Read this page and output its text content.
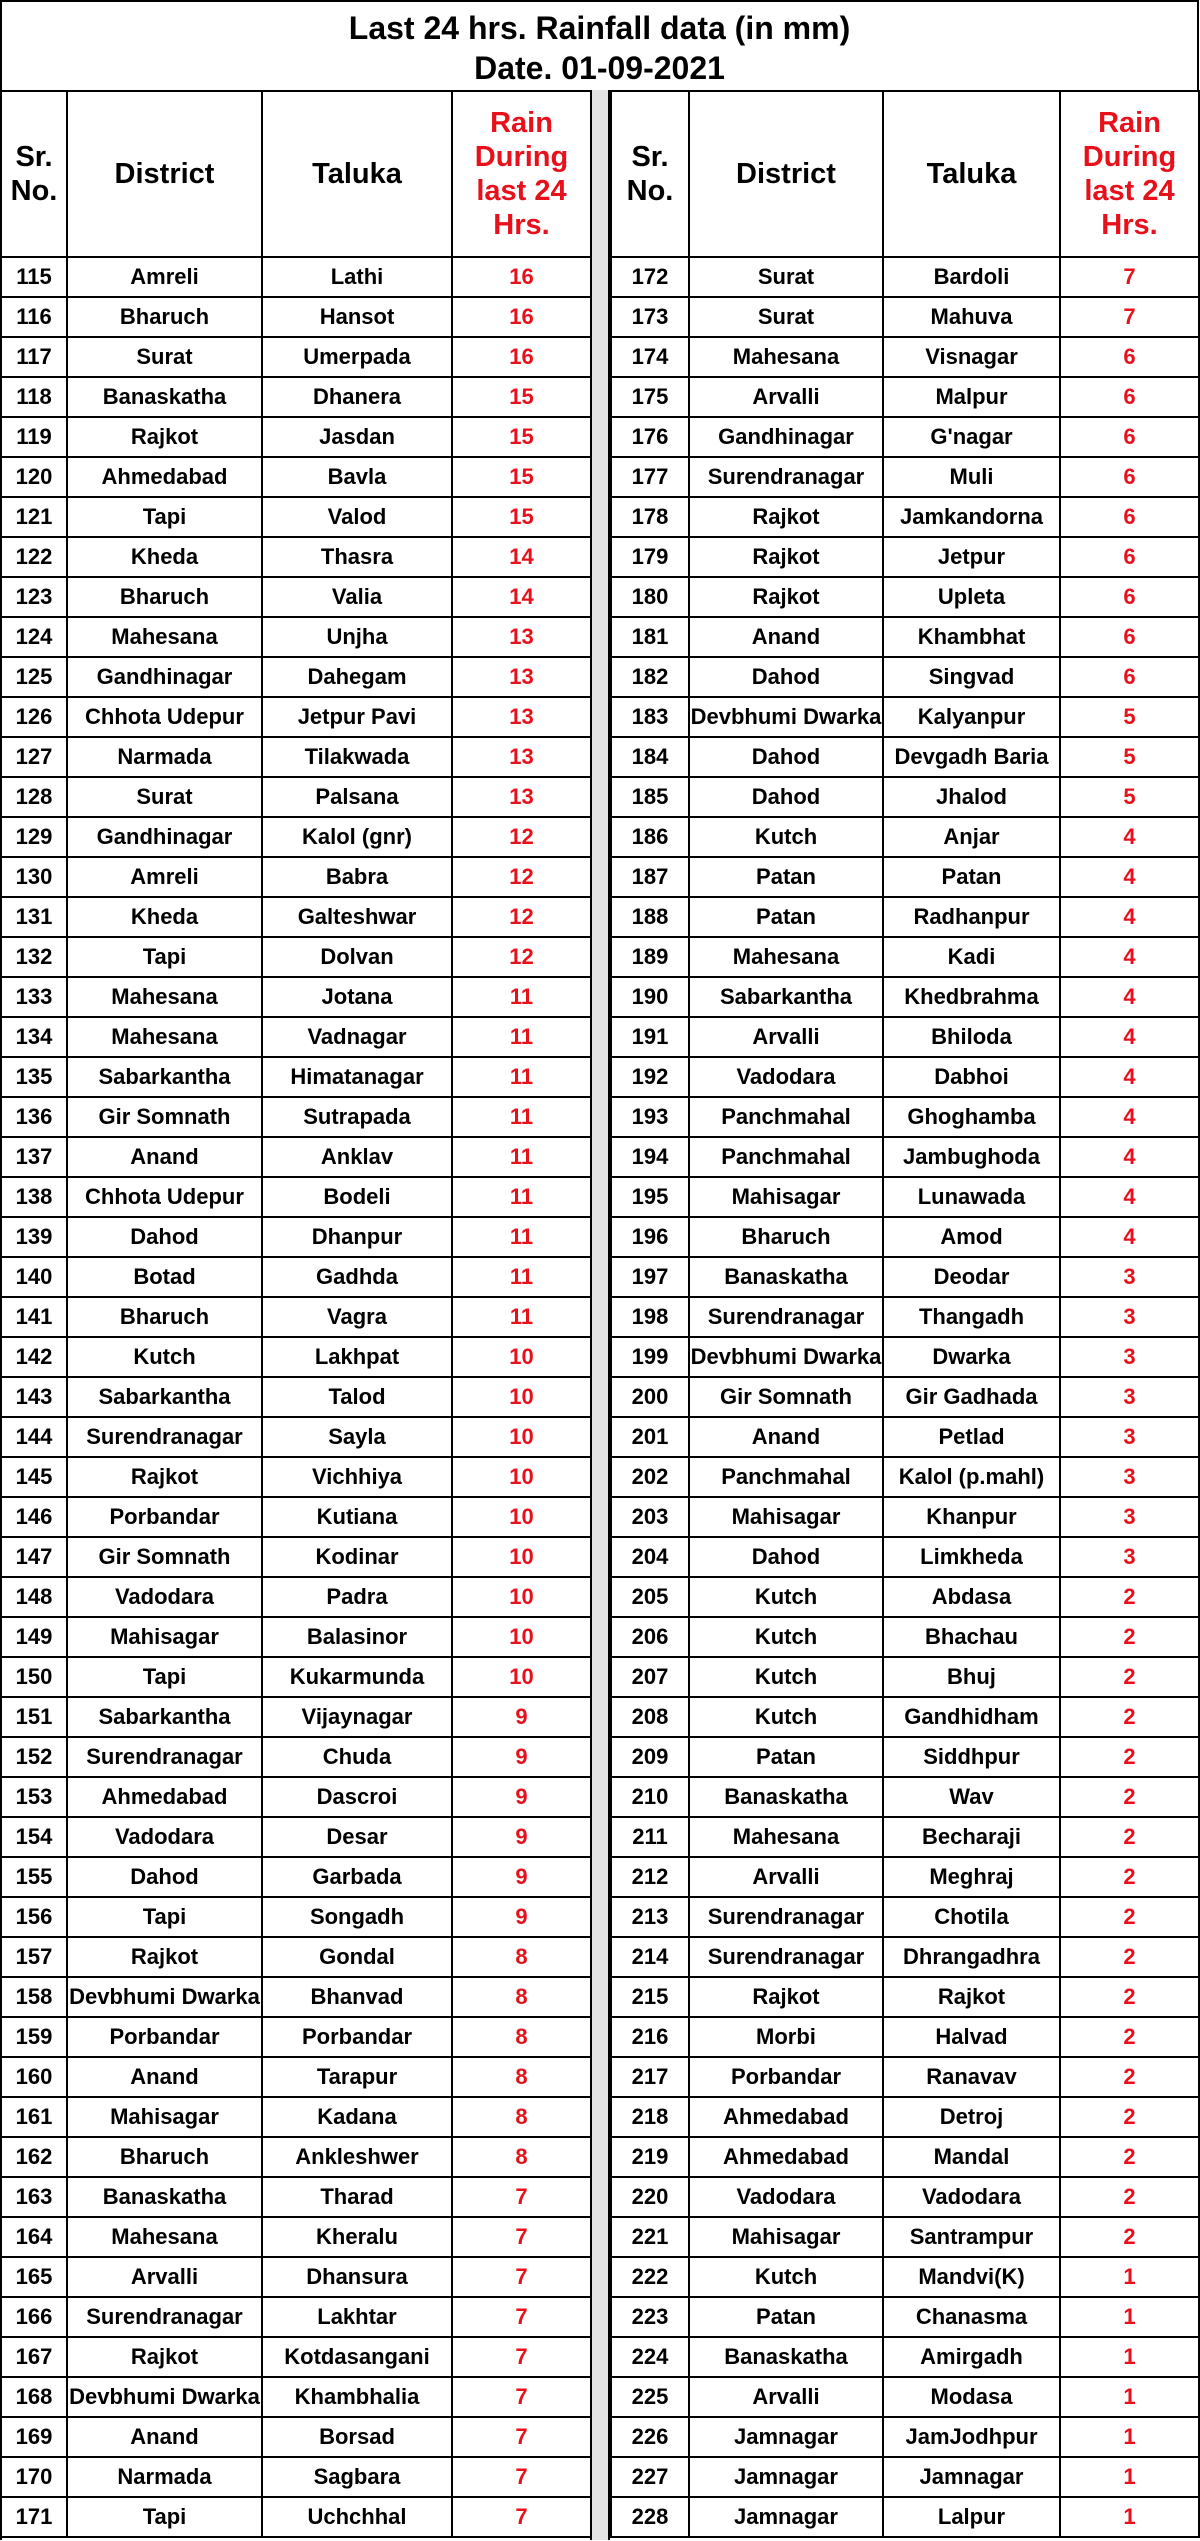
Last 24 hrs. Rainfall data (in mm)
Date. 01-09-2021
Sr. No.	District	Taluka	Rain During last 24 Hrs.
115	Amreli	Lathi	16
116	Bharuch	Hansot	16
117	Surat	Umerpada	16
118	Banaskatha	Dhanera	15
119	Rajkot	Jasdan	15
120	Ahmedabad	Bavla	15
121	Tapi	Valod	15
122	Kheda	Thasra	14
123	Bharuch	Valia	14
124	Mahesana	Unjha	13
125	Gandhinagar	Dahegam	13
126	Chhota Udepur	Jetpur Pavi	13
127	Narmada	Tilakwada	13
128	Surat	Palsana	13
129	Gandhinagar	Kalol (gnr)	12
130	Amreli	Babra	12
131	Kheda	Galteshwar	12
132	Tapi	Dolvan	12
133	Mahesana	Jotana	11
134	Mahesana	Vadnagar	11
135	Sabarkantha	Himatanagar	11
136	Gir Somnath	Sutrapada	11
137	Anand	Anklav	11
138	Chhota Udepur	Bodeli	11
139	Dahod	Dhanpur	11
140	Botad	Gadhda	11
141	Bharuch	Vagra	11
142	Kutch	Lakhpat	10
143	Sabarkantha	Talod	10
144	Surendranagar	Sayla	10
145	Rajkot	Vichhiya	10
146	Porbandar	Kutiana	10
147	Gir Somnath	Kodinar	10
148	Vadodara	Padra	10
149	Mahisagar	Balasinor	10
150	Tapi	Kukarmunda	10
151	Sabarkantha	Vijaynagar	9
152	Surendranagar	Chuda	9
153	Ahmedabad	Dascroi	9
154	Vadodara	Desar	9
155	Dahod	Garbada	9
156	Tapi	Songadh	9
157	Rajkot	Gondal	8
158	Devbhumi Dwarka	Bhanvad	8
159	Porbandar	Porbandar	8
160	Anand	Tarapur	8
161	Mahisagar	Kadana	8
162	Bharuch	Ankleshwer	8
163	Banaskatha	Tharad	7
164	Mahesana	Kheralu	7
165	Arvalli	Dhansura	7
166	Surendranagar	Lakhtar	7
167	Rajkot	Kotdasangani	7
168	Devbhumi Dwarka	Khambhalia	7
169	Anand	Borsad	7
170	Narmada	Sagbara	7
171	Tapi	Uchchhal	7
Sr. No.	District	Taluka	Rain During last 24 Hrs.
172	Surat	Bardoli	7
173	Surat	Mahuva	7
174	Mahesana	Visnagar	6
175	Arvalli	Malpur	6
176	Gandhinagar	G'nagar	6
177	Surendranagar	Muli	6
178	Rajkot	Jamkandorna	6
179	Rajkot	Jetpur	6
180	Rajkot	Upleta	6
181	Anand	Khambhat	6
182	Dahod	Singvad	6
183	Devbhumi Dwarka	Kalyanpur	5
184	Dahod	Devgadh Baria	5
185	Dahod	Jhalod	5
186	Kutch	Anjar	4
187	Patan	Patan	4
188	Patan	Radhanpur	4
189	Mahesana	Kadi	4
190	Sabarkantha	Khedbrahma	4
191	Arvalli	Bhiloda	4
192	Vadodara	Dabhoi	4
193	Panchmahal	Ghoghamba	4
194	Panchmahal	Jambughoda	4
195	Mahisagar	Lunawada	4
196	Bharuch	Amod	4
197	Banaskatha	Deodar	3
198	Surendranagar	Thangadh	3
199	Devbhumi Dwarka	Dwarka	3
200	Gir Somnath	Gir Gadhada	3
201	Anand	Petlad	3
202	Panchmahal	Kalol (p.mahl)	3
203	Mahisagar	Khanpur	3
204	Dahod	Limkheda	3
205	Kutch	Abdasa	2
206	Kutch	Bhachau	2
207	Kutch	Bhuj	2
208	Kutch	Gandhidham	2
209	Patan	Siddhpur	2
210	Banaskatha	Wav	2
211	Mahesana	Becharaji	2
212	Arvalli	Meghraj	2
213	Surendranagar	Chotila	2
214	Surendranagar	Dhrangadhra	2
215	Rajkot	Rajkot	2
216	Morbi	Halvad	2
217	Porbandar	Ranavav	2
218	Ahmedabad	Detroj	2
219	Ahmedabad	Mandal	2
220	Vadodara	Vadodara	2
221	Mahisagar	Santrampur	2
222	Kutch	Mandvi(K)	1
223	Patan	Chanasma	1
224	Banaskatha	Amirgadh	1
225	Arvalli	Modasa	1
226	Jamnagar	JamJodhpur	1
227	Jamnagar	Jamnagar	1
228	Jamnagar	Lalpur	1
